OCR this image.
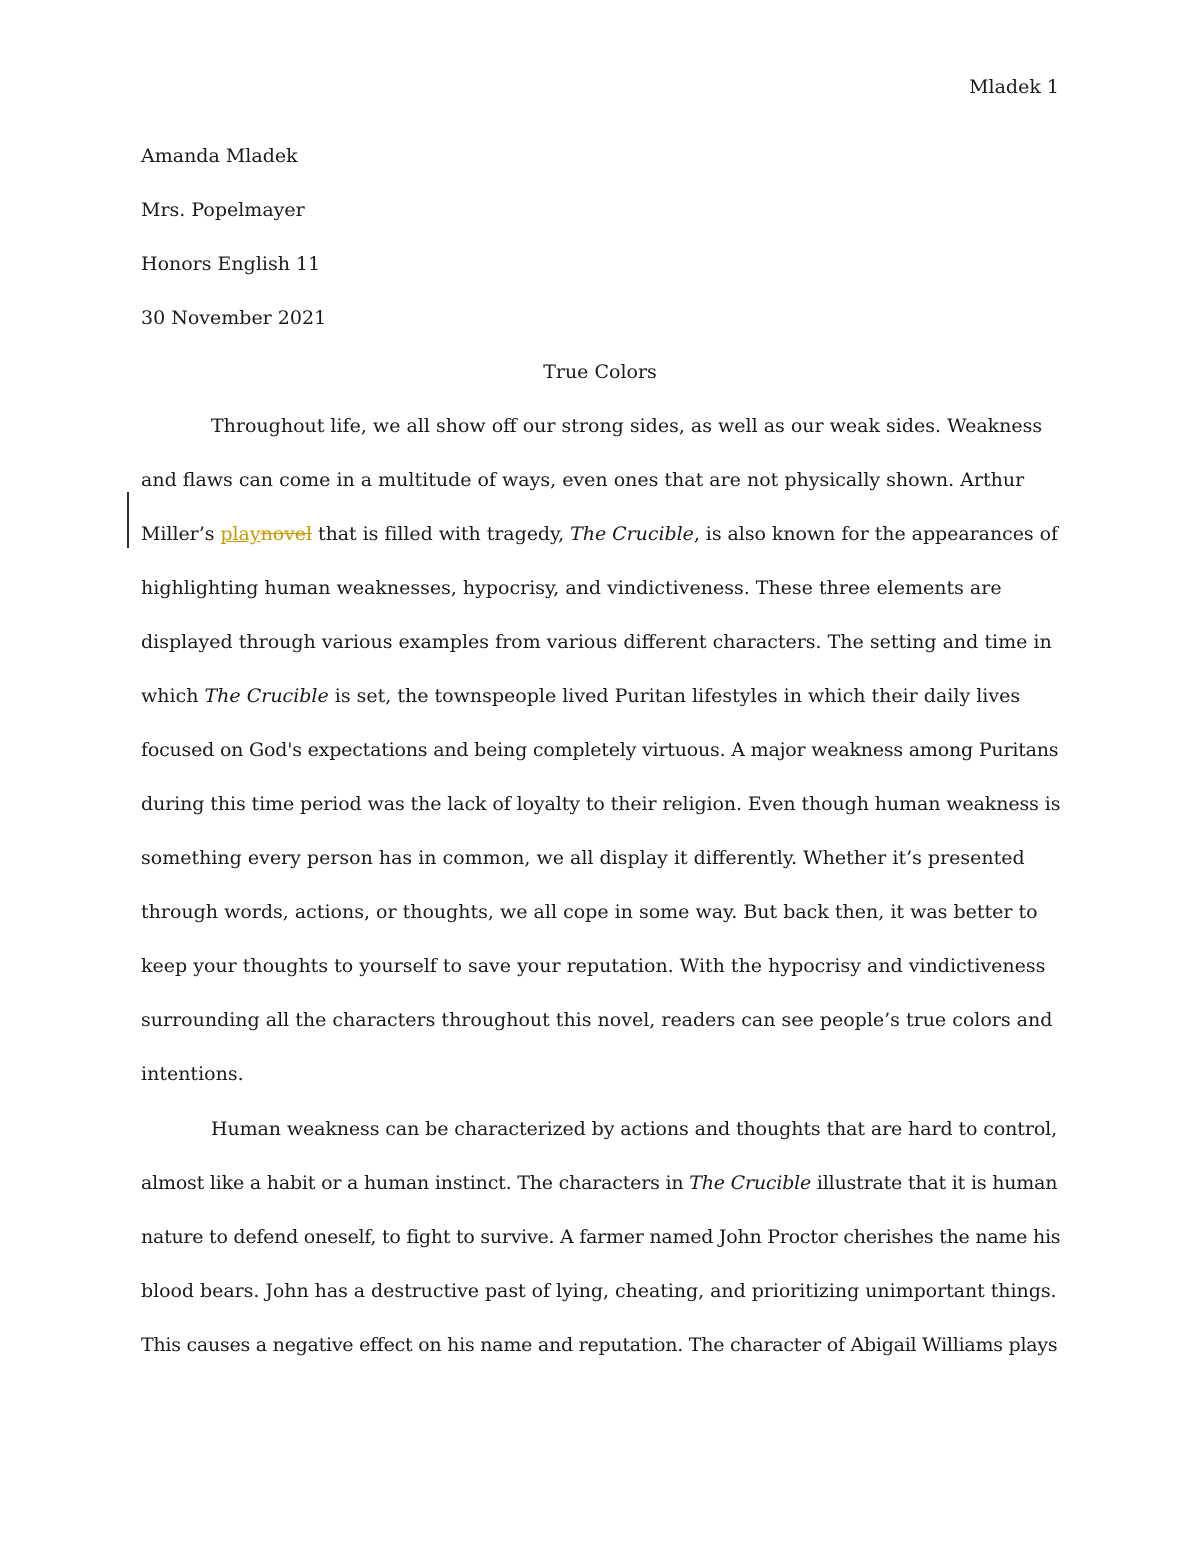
Mladek 1
Amanda Mladek
Mrs. Popelmayer
Honors English 11
30 November 2021
True Colors
Throughout life, we all show off our strong sides, as well as our weak sides. Weakness
and flaws can come in a multitude of ways, even ones that are not physically shown. Arthur
Miller’s playnovel that is filled with tragedy, The Crucible, is also known for the appearances of
highlighting human weaknesses, hypocrisy, and vindictiveness. These three elements are
displayed through various examples from various different characters. The setting and time in
which The Crucible is set, the townspeople lived Puritan lifestyles in which their daily lives
focused on God's expectations and being completely virtuous. A major weakness among Puritans
during this time period was the lack of loyalty to their religion. Even though human weakness is
something every person has in common, we all display it differently. Whether it’s presented
through words, actions, or thoughts, we all cope in some way. But back then, it was better to
keep your thoughts to yourself to save your reputation. With the hypocrisy and vindictiveness
surrounding all the characters throughout this novel, readers can see people’s true colors and
intentions.
Human weakness can be characterized by actions and thoughts that are hard to control,
almost like a habit or a human instinct. The characters in The Crucible illustrate that it is human
nature to defend oneself, to fight to survive. A farmer named John Proctor cherishes the name his
blood bears. John has a destructive past of lying, cheating, and prioritizing unimportant things.
This causes a negative effect on his name and reputation. The character of Abigail Williams plays
